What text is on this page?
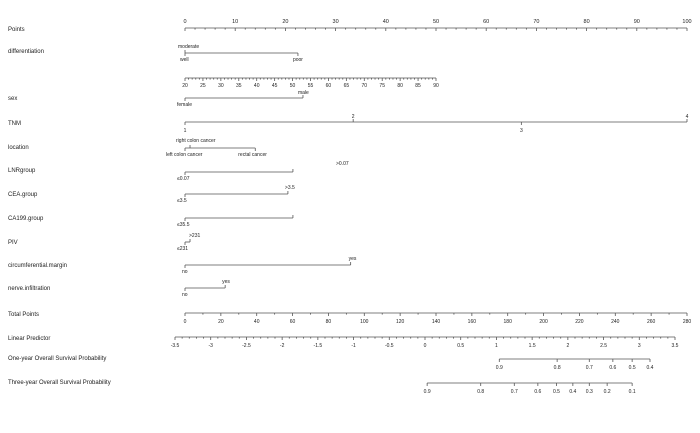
Points
0	10	20	30	40	50	60	70	80	90	100
differentiation
moderate
well	poor
20 25 30 35 40 45 50 55 60 65 70 75 80 85 90
sex
male
female
TNM
1	3
2	4
location
right colon cancer
left colon cancer	rectal cancer
LNRgroup
≤0.07
>0.07
CEA.group
>3.5
≤3.5
CA199.group
≤35.5
PIV
>231
≤231
circumferential.margin
yes
no
nerve.infiltration
yes
no
Total Points
0	20	40	60	80	100	120	140	160	180	200	220	240	260	280
Linear Predictor
-3.5	-3	-2.5	-2	-1.5	-1	-0.5	0	0.5	1	1.5	2	2.5	3	3.5
One-year Overall Survival Probability
0.9	0.8	0.7	0.6 0.5 0.4
Three-year Overall Survival Probability
0.9	0.8	0.7	0.6 0.5 0.4 0.3 0.2	0.1
